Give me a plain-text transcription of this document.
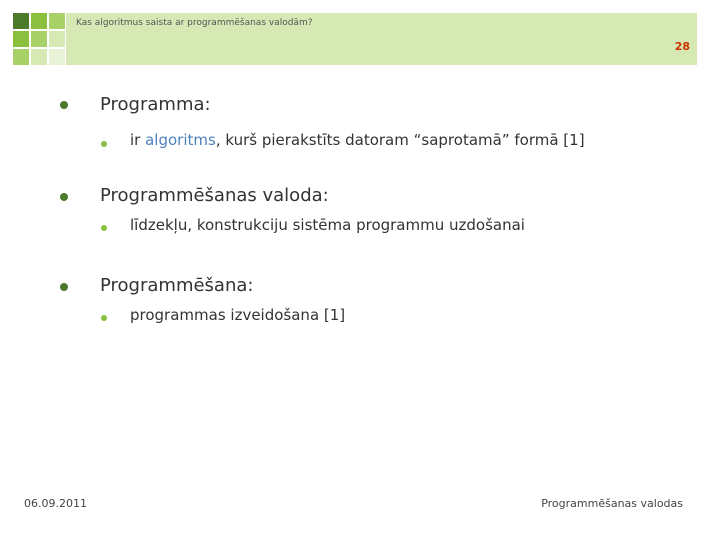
Kas algoritmus saista ar programmēšanas valodām?
28
Programma:
ir algoritms, kurš pierakstīts datoram “saprotamā” formā [1]
Programmēšanas valoda:
līdzekļu, konstrukciju sistēma programmu uzdošanai
Programmēšana:
programmas izveidošana [1]
06.09.2011	Programmēšanas valodas
